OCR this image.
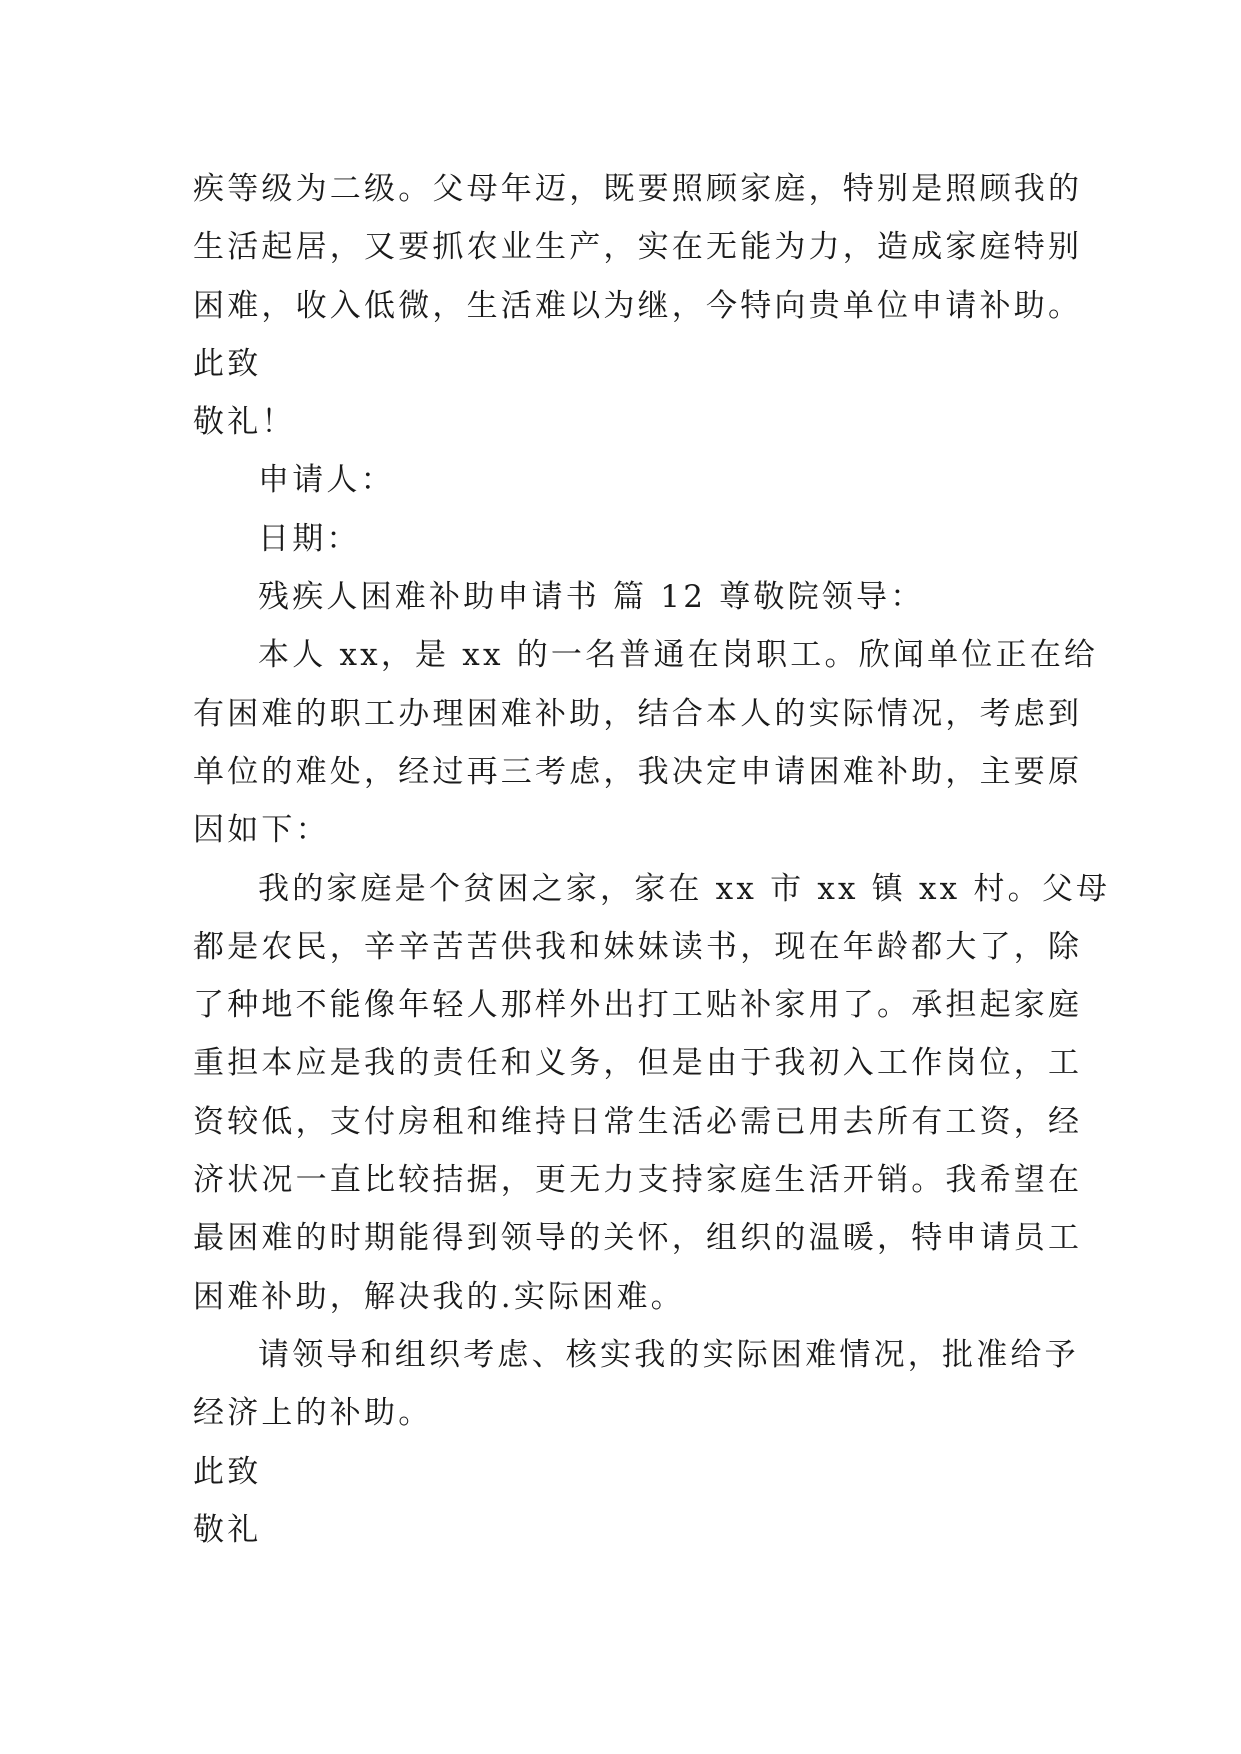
疾等级为二级。父母年迈，既要照顾家庭，特别是照顾我的
生活起居，又要抓农业生产，实在无能为力，造成家庭特别
困难，收入低微，生活难以为继，今特向贵单位申请补助。
此致
敬礼！
申请人：
日期：
残疾人困难补助申请书 篇 12 尊敬院领导：
本人 xx，是 xx 的一名普通在岗职工。欣闻单位正在给
有困难的职工办理困难补助，结合本人的实际情况，考虑到
单位的难处，经过再三考虑，我决定申请困难补助，主要原
因如下：
我的家庭是个贫困之家，家在 xx 市 xx 镇 xx 村。父母
都是农民，辛辛苦苦供我和妹妹读书，现在年龄都大了，除
了种地不能像年轻人那样外出打工贴补家用了。承担起家庭
重担本应是我的责任和义务，但是由于我初入工作岗位，工
资较低，支付房租和维持日常生活必需已用去所有工资，经
济状况一直比较拮据，更无力支持家庭生活开销。我希望在
最困难的时期能得到领导的关怀，组织的温暖，特申请员工
困难补助，解决我的.实际困难。
请领导和组织考虑、核实我的实际困难情况，批准给予
经济上的补助。
此致
敬礼
